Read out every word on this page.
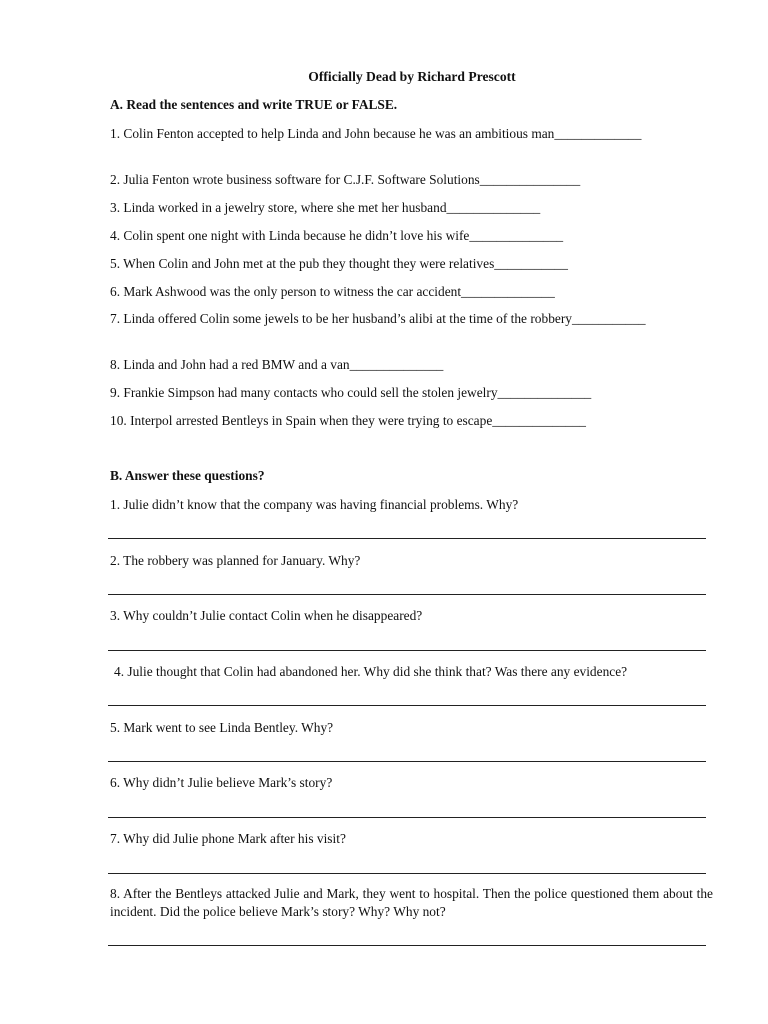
Officially Dead by Richard Prescott
A. Read the sentences and write TRUE or FALSE.
1. Colin Fenton accepted to help Linda and John because he was an ambitious man_____________
2. Julia Fenton wrote business software for C.J.F. Software Solutions_______________
3. Linda worked in a jewelry store, where she met her husband______________
4. Colin spent one night with Linda because he didn’t love his wife______________
5. When Colin and John met at the pub they thought they were relatives___________
6. Mark Ashwood was the only person to witness the car accident______________
7. Linda offered Colin some jewels to be her husband’s alibi at the time of the robbery___________
8. Linda and John had a red BMW and a van______________
9. Frankie Simpson had many contacts who could sell the stolen jewelry______________
10. Interpol arrested Bentleys in Spain when they were trying to escape______________
B. Answer these questions?
1. Julie didn’t know that the company was having financial problems. Why?
2. The robbery was planned for January. Why?
3. Why couldn’t Julie contact Colin when he disappeared?
4. Julie thought that Colin had abandoned her. Why did she think that? Was there any evidence?
5. Mark went to see Linda Bentley. Why?
6. Why didn’t Julie believe Mark’s story?
7. Why did Julie phone Mark after his visit?
8. After the Bentleys attacked Julie and Mark, they went to hospital. Then the police questioned them about the incident. Did the police believe Mark’s story? Why? Why not?
